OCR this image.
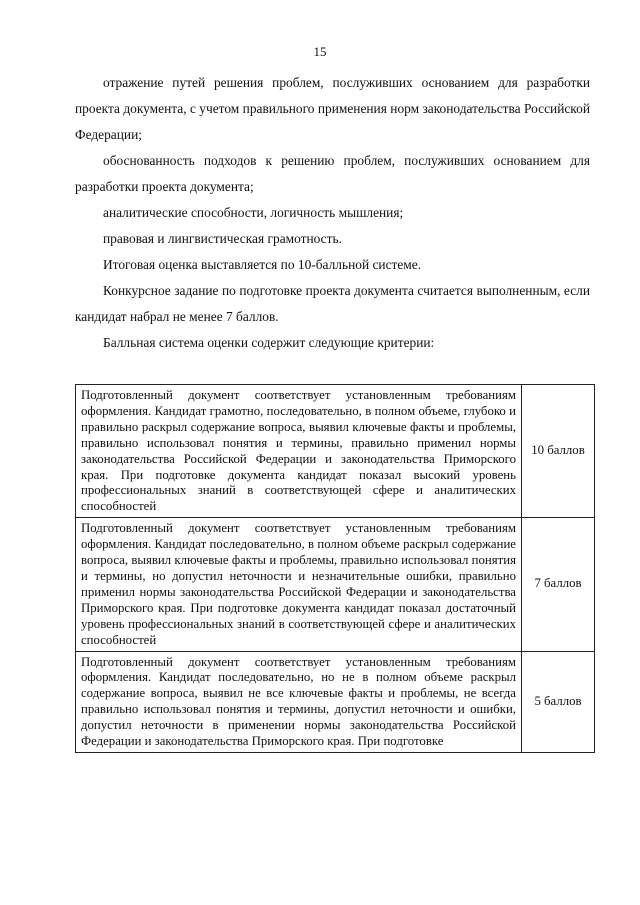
15
отражение путей решения проблем, послуживших основанием для разработки проекта документа, с учетом правильного применения норм законодательства Российской Федерации;
обоснованность подходов к решению проблем, послуживших основанием для разработки проекта документа;
аналитические способности, логичность мышления;
правовая и лингвистическая грамотность.
Итоговая оценка выставляется по 10-балльной системе.
Конкурсное задание по подготовке проекта документа считается выполненным, если кандидат набрал не менее 7 баллов.
Балльная система оценки содержит следующие критерии:
Подготовленный документ соответствует установленным требованиям оформления. Кандидат грамотно, последовательно, в полном объеме, глубоко и правильно раскрыл содержание вопроса, выявил ключевые факты и проблемы, правильно использовал понятия и термины, правильно применил нормы законодательства Российской Федерации и законодательства Приморского края. При подготовке документа кандидат показал высокий уровень профессиональных знаний в соответствующей сфере и аналитических способностей	10 баллов
Подготовленный документ соответствует установленным требованиям оформления. Кандидат последовательно, в полном объеме раскрыл содержание вопроса, выявил ключевые факты и проблемы, правильно использовал понятия и термины, но допустил неточности и незначительные ошибки, правильно применил нормы законодательства Российской Федерации и законодательства Приморского края. При подготовке документа кандидат показал достаточный уровень профессиональных знаний в соответствующей сфере и аналитических способностей	7 баллов
Подготовленный документ соответствует установленным требованиям оформления. Кандидат последовательно, но не в полном объеме раскрыл содержание вопроса, выявил не все ключевые факты и проблемы, не всегда правильно использовал понятия и термины, допустил неточности и ошибки, допустил неточности в применении нормы законодательства Российской Федерации и законодательства Приморского края. При подготовке	5 баллов
